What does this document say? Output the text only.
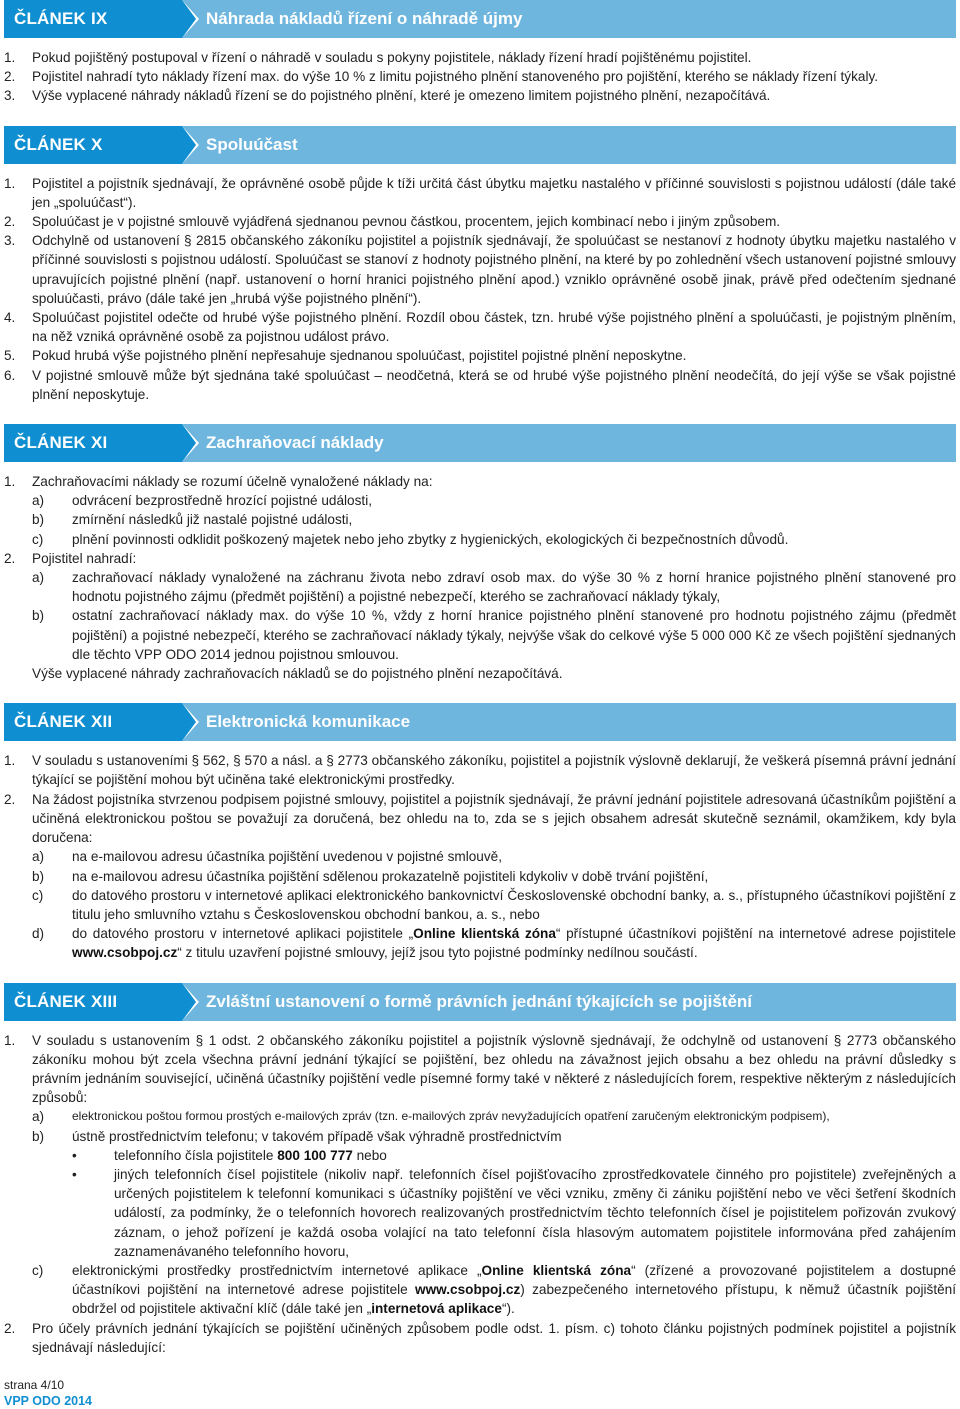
ČLÁNEK IX	Náhrada nákladů řízení o náhradě újmy
1.	Pokud pojištěný postupoval v řízení o náhradě v souladu s pokyny pojistitele, náklady řízení hradí pojištěnému pojistitel.
2.	Pojistitel nahradí tyto náklady řízení max. do výše 10 % z limitu pojistného plnění stanoveného pro pojištění, kterého se náklady řízení týkaly.
3.	Výše vyplacené náhrady nákladů řízení se do pojistného plnění, které je omezeno limitem pojistného plnění, nezapočítává.
ČLÁNEK X	Spoluúčast
1.	Pojistitel a pojistník sjednávají, že oprávněné osobě půjde k tíži určitá část úbytku majetku nastalého v příčinné souvislosti s pojistnou událostí (dále také jen „spoluúčast“).
2.	Spoluúčast je v pojistné smlouvě vyjádřená sjednanou pevnou částkou, procentem, jejich kombinací nebo i jiným způsobem.
3.	Odchylně od ustanovení § 2815 občanského zákoníku pojistitel a pojistník sjednávají, že spoluúčast se nestanoví z hodnoty úbytku majetku nastalého v příčinné souvislosti s pojistnou událostí. Spoluúčast se stanoví z hodnoty pojistného plnění, na které by po zohlednění všech ustanovení pojistné smlouvy upravujících pojistné plnění (např. ustanovení o horní hranici pojistného plnění apod.) vzniklo oprávněné osobě jinak, právě před odečtením sjednané spoluúčasti, právo (dále také jen „hrubá výše pojistného plnění“).
4.	Spoluúčast pojistitel odečte od hrubé výše pojistného plnění. Rozdíl obou částek, tzn. hrubé výše pojistného plnění a spoluúčasti, je pojistným plněním, na něž vzniká oprávněné osobě za pojistnou událost právo.
5.	Pokud hrubá výše pojistného plnění nepřesahuje sjednanou spoluúčast, pojistitel pojistné plnění neposkytne.
6.	V pojistné smlouvě může být sjednána také spoluúčast – neodčetná, která se od hrubé výše pojistného plnění neodečítá, do její výše se však pojistné plnění neposkytuje.
ČLÁNEK XI	Zachraňovací náklady
1.	Zachraňovacími náklady se rozumí účelně vynaložené náklady na:
a)	odvrácení bezprostředně hrozící pojistné události,
b)	zmírnění následků již nastalé pojistné události,
c)	plnění povinnosti odklidit poškozený majetek nebo jeho zbytky z hygienických, ekologických či bezpečnostních důvodů.
2.	Pojistitel nahradí:
a)	zachraňovací náklady vynaložené na záchranu života nebo zdraví osob max. do výše 30 % z horní hranice pojistného plnění stanovené pro hodnotu pojistného zájmu (předmět pojištění) a pojistné nebezpečí, kterého se zachraňovací náklady týkaly,
b)	ostatní zachraňovací náklady max. do výše 10 %, vždy z horní hranice pojistného plnění stanovené pro hodnotu pojistného zájmu (předmět pojištění) a pojistné nebezpečí, kterého se zachraňovací náklady týkaly, nejvýše však do celkové výše 5 000 000 Kč ze všech pojištění sjednaných dle těchto VPP ODO 2014 jednou pojistnou smlouvou.
Výše vyplacené náhrady zachraňovacích nákladů se do pojistného plnění nezapočítává.
ČLÁNEK XII	Elektronická komunikace
1.	V souladu s ustanoveními § 562, § 570 a násl. a § 2773 občanského zákoníku, pojistitel a pojistník výslovně deklarují, že veškerá písemná právní jednání týkající se pojištění mohou být učiněna také elektronickými prostředky.
2.	Na žádost pojistníka stvrzenou podpisem pojistné smlouvy, pojistitel a pojistník sjednávají, že právní jednání pojistitele adresovaná účastníkům pojištění a učiněná elektronickou poštou se považují za doručená, bez ohledu na to, zda se s jejich obsahem adresát skutečně seznámil, okamžikem, kdy byla doručena:
a)	na e-mailovou adresu účastníka pojištění uvedenou v pojistné smlouvě,
b)	na e-mailovou adresu účastníka pojištění sdělenou prokazatelně pojistiteli kdykoliv v době trvání pojištění,
c)	do datového prostoru v internetové aplikaci elektronického bankovnictví Československé obchodní banky, a. s., přístupného účastníkovi pojištění z titulu jeho smluvního vztahu s Československou obchodní bankou, a. s., nebo
d)	do datového prostoru v internetové aplikaci pojistitele „Online klientská zóna“ přístupné účastníkovi pojištění na internetové adrese pojistitele www.csobpoj.cz“ z titulu uzavření pojistné smlouvy, jejíž jsou tyto pojistné podmínky nedílnou součástí.
ČLÁNEK XIII	Zvláštní ustanovení o formě právních jednání týkajících se pojištění
1.	V souladu s ustanovením § 1 odst. 2 občanského zákoníku pojistitel a pojistník výslovně sjednávají, že odchylně od ustanovení § 2773 občanského zákoníku mohou být zcela všechna právní jednání týkající se pojištění, bez ohledu na závažnost jejich obsahu a bez ohledu na právní důsledky s právním jednáním související, učiněná účastníky pojištění vedle písemné formy také v některé z následujících forem, respektive některým z následujících způsobů:
a)	elektronickou poštou formou prostých e-mailových zpráv (tzn. e-mailových zpráv nevyžadujících opatření zaručeným elektronickým podpisem),
b)	ústně prostřednictvím telefonu; v takovém případě však výhradně prostřednictvím
•	telefonního čísla pojistitele 800 100 777 nebo
•	jiných telefonních čísel pojistitele (nikoliv např. telefonních čísel pojišťovacího zprostředkovatele činného pro pojistitele) zveřejněných a určených pojistitelem k telefonní komunikaci s účastníky pojištění ve věci vzniku, změny či zániku pojištění nebo ve věci šetření škodních událostí, za podmínky, že o telefonních hovorech realizovaných prostřednictvím těchto telefonních čísel je pojistitelem pořizován zvukový záznam, o jehož pořízení je každá osoba volající na tato telefonní čísla hlasovým automatem pojistitele informována před zahájením zaznamenávaného telefonního hovoru,
c)	elektronickými prostředky prostřednictvím internetové aplikace „Online klientská zóna“ (zřízené a provozované pojistitelem a dostupné účastníkovi pojištění na internetové adrese pojistitele www.csobpoj.cz) zabezpečeného internetového přístupu, k němuž účastník pojištění obdržel od pojistitele aktivační klíč (dále také jen „internetová aplikace“).
2.	Pro účely právních jednání týkajících se pojištění učiněných způsobem podle odst. 1. písm. c) tohoto článku pojistných podmínek pojistitel a pojistník sjednávají následující:
strana 4/10
VPP ODO 2014
